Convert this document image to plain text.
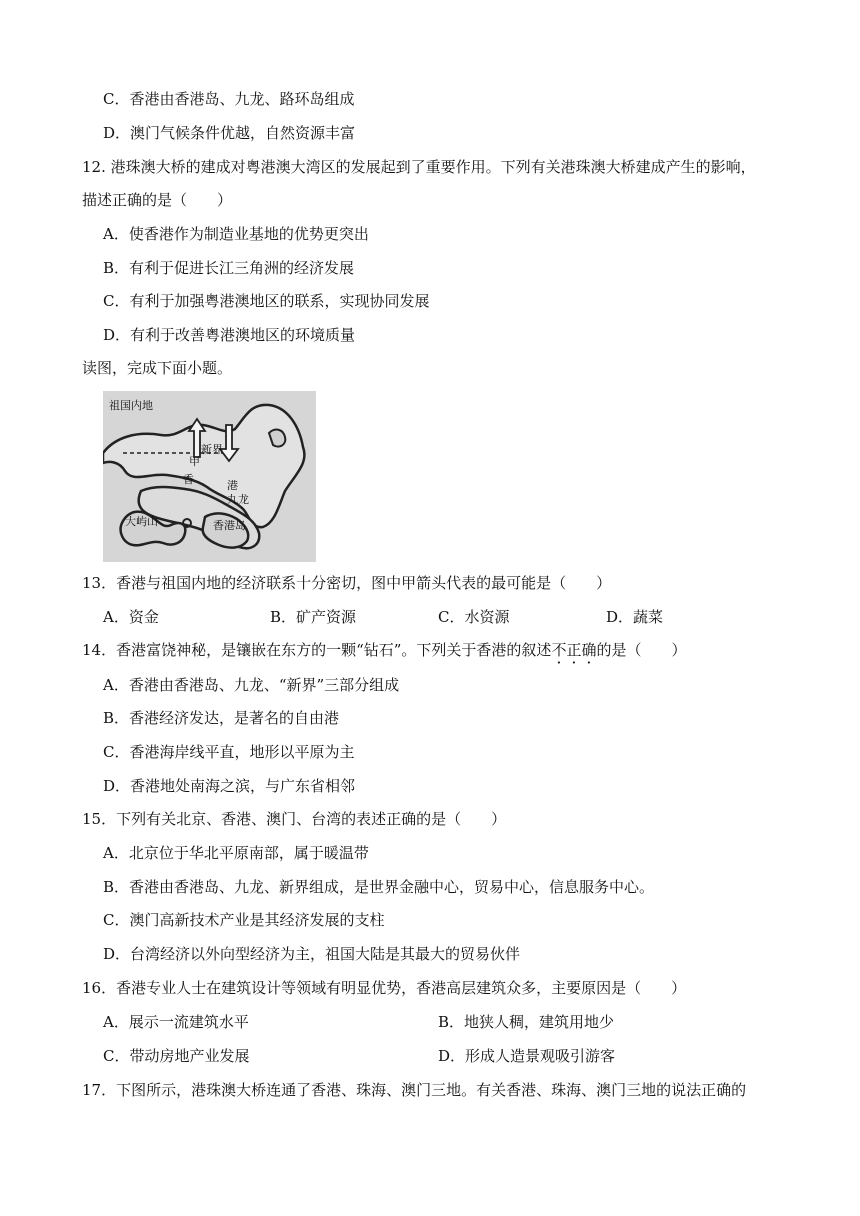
C．香港由香港岛、九龙、路环岛组成
D．澳门气候条件优越，自然资源丰富
12. 港珠澳大桥的建成对粤港澳大湾区的发展起到了重要作用。下列有关港珠澳大桥建成产生的影响，
描述正确的是（　　）
A．使香港作为制造业基地的优势更突出
B．有利于促进长江三角洲的经济发展
C．有利于加强粤港澳地区的联系，实现协同发展
D．有利于改善粤港澳地区的环境质量
读图，完成下面小题。
祖国内地
新界
甲
香	港
九龙
大屿山	香港岛
13．香港与祖国内地的经济联系十分密切，图中甲箭头代表的最可能是（　　）
A．资金	B．矿产资源	C．水资源	D．蔬菜
14．香港富饶神秘，是镶嵌在东方的一颗“钻石”。下列关于香港的叙述不正确的是（　　）
A．香港由香港岛、九龙、“新界”三部分组成
B．香港经济发达，是著名的自由港
C．香港海岸线平直，地形以平原为主
D．香港地处南海之滨，与广东省相邻
15．下列有关北京、香港、澳门、台湾的表述正确的是（　　）
A．北京位于华北平原南部，属于暖温带
B．香港由香港岛、九龙、新界组成，是世界金融中心，贸易中心，信息服务中心。
C．澳门高新技术产业是其经济发展的支柱
D．台湾经济以外向型经济为主，祖国大陆是其最大的贸易伙伴
16．香港专业人士在建筑设计等领域有明显优势，香港高层建筑众多，主要原因是（　　）
A．展示一流建筑水平	B．地狭人稠，建筑用地少
C．带动房地产业发展	D．形成人造景观吸引游客
17．下图所示，港珠澳大桥连通了香港、珠海、澳门三地。有关香港、珠海、澳门三地的说法正确的
